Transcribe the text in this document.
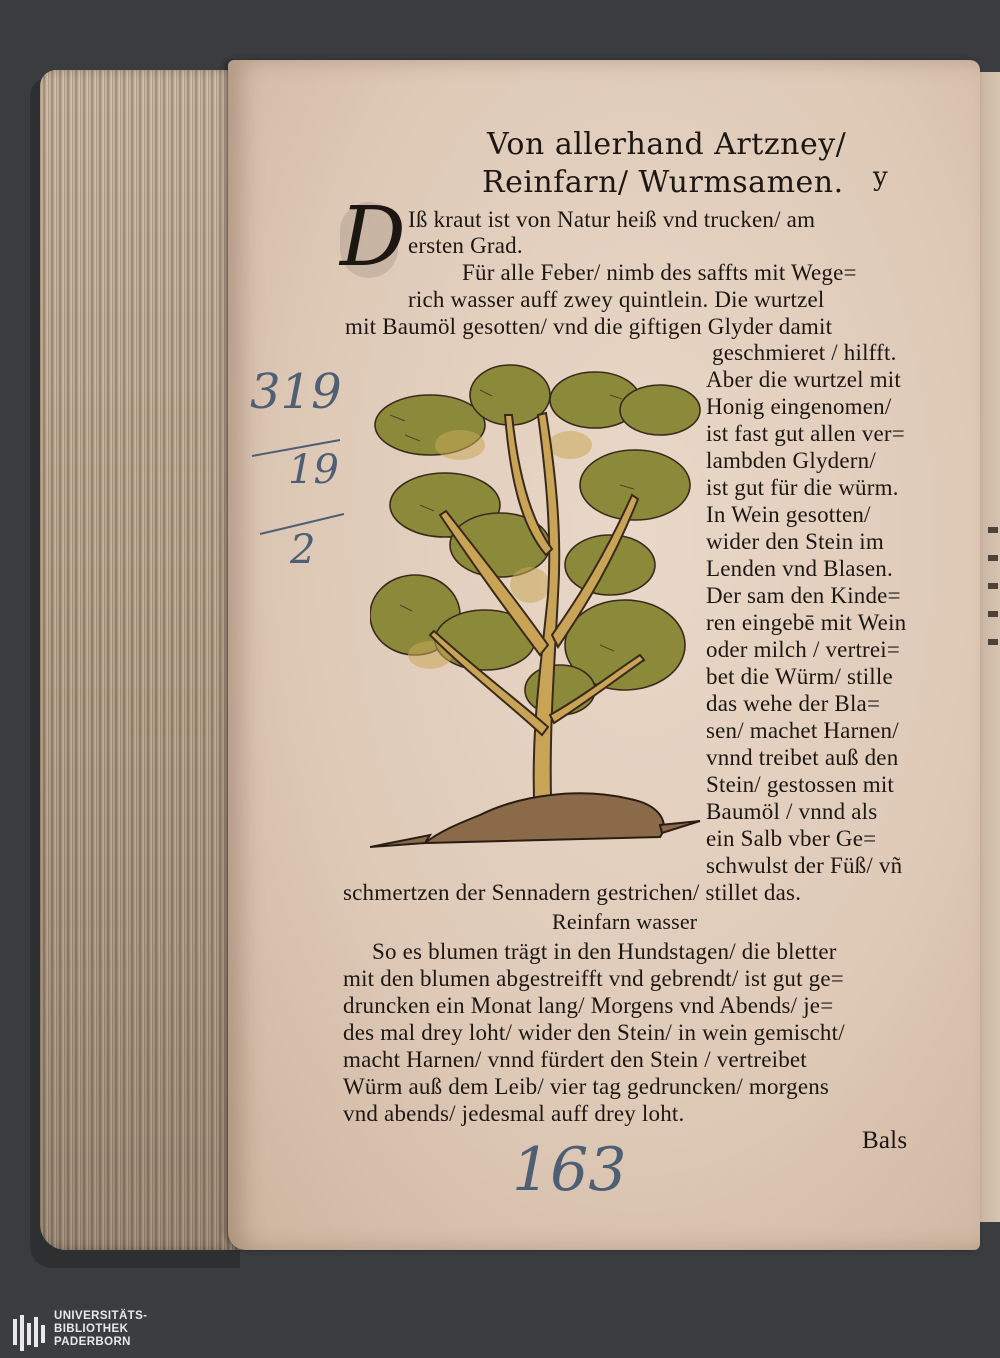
Von allerhand Artzney/
Reinfarn/ Wurmsamen. y
D Iß kraut ist von Natur heiß vnd trucken/ am
ersten Grad.
Für alle Feber/ nimb des saffts mit Wege=
rich wasser auff zwey quintlein. Die wurtzel
mit Baumöl gesotten/ vnd die giftigen Glyder damit
geschmieret / hilfft.
Aber die wurtzel mit
Honig eingenomen/
ist fast gut allen ver=
lambden Glydern/
ist gut für die würm.
In Wein gesotten/
wider den Stein im
Lenden vnd Blasen.
Der sam den Kinde=
ren eingebē mit Wein
oder milch / vertrei=
bet die Würm/ stille
das wehe der Bla=
sen/ machet Harnen/
vnnd treibet auß den
Stein/ gestossen mit
Baumöl / vnnd als
ein Salb vber Ge=
schwulst der Füß/ vñ
schmertzen der Sennadern gestrichen/ stillet das.
Reinfarn wasser
So es blumen trägt in den Hundstagen/ die bletter
mit den blumen abgestreifft vnd gebrendt/ ist gut ge=
druncken ein Monat lang/ Morgens vnd Abends/ je=
des mal drey loht/ wider den Stein/ in wein gemischt/
macht Harnen/ vnnd fürdert den Stein / vertreibet
Würm auß dem Leib/ vier tag gedruncken/ morgens
vnd abends/ jedesmal auff drey loht.
Bals
319
19
2
163
UNIVERSITÄTS-
BIBLIOTHEK
PADERBORN
